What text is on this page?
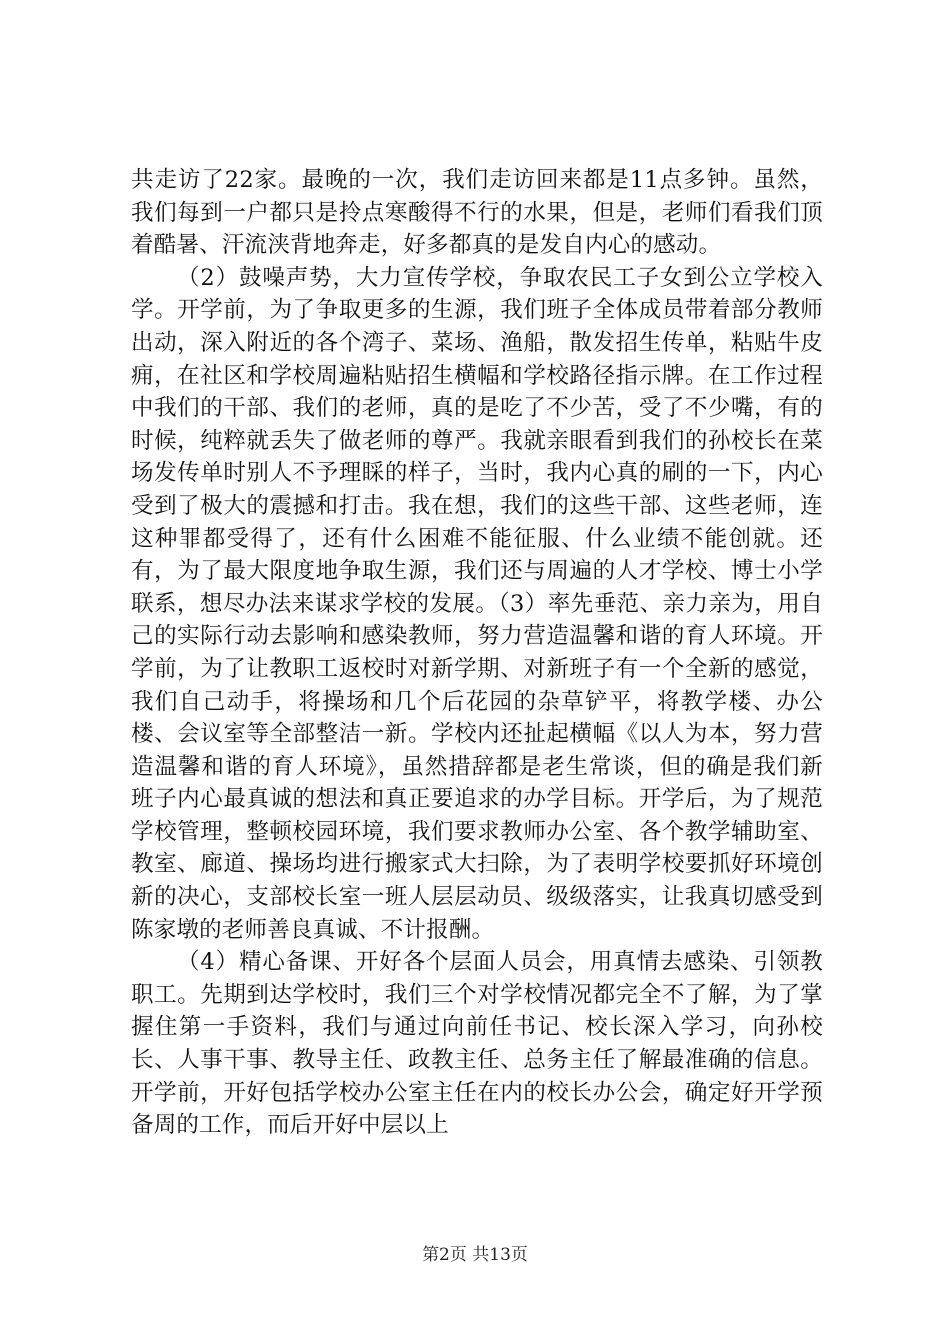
共走访了22家。最晚的一次，我们走访回来都是11点多钟。虽然，我们每到一户都只是拎点寒酸得不行的水果，但是，老师们看我们顶着酷暑、汗流浃背地奔走，好多都真的是发自内心的感动。

（2）鼓噪声势，大力宣传学校，争取农民工子女到公立学校入学。开学前，为了争取更多的生源，我们班子全体成员带着部分教师出动，深入附近的各个湾子、菜场、渔船，散发招生传单，粘贴牛皮痈，在社区和学校周遍粘贴招生横幅和学校路径指示牌。在工作过程中我们的干部、我们的老师，真的是吃了不少苦，受了不少嘴，有的时候，纯粹就丢失了做老师的尊严。我就亲眼看到我们的孙校长在菜场发传单时别人不予理睬的样子，当时，我内心真的刷的一下，内心受到了极大的震撼和打击。我在想，我们的这些干部、这些老师，连这种罪都受得了，还有什么困难不能征服、什么业绩不能创就。还有，为了最大限度地争取生源，我们还与周遍的人才学校、博士小学联系，想尽办法来谋求学校的发展。（3）率先垂范、亲力亲为，用自己的实际行动去影响和感染教师，努力营造温馨和谐的育人环境。开学前，为了让教职工返校时对新学期、对新班子有一个全新的感觉，我们自己动手，将操场和几个后花园的杂草铲平，将教学楼、办公楼、会议室等全部整洁一新。学校内还扯起横幅《以人为本，努力营造温馨和谐的育人环境》，虽然措辞都是老生常谈，但的确是我们新班子内心最真诚的想法和真正要追求的办学目标。开学后，为了规范学校管理，整顿校园环境，我们要求教师办公室、各个教学辅助室、教室、廊道、操场均进行搬家式大扫除，为了表明学校要抓好环境创新的决心，支部校长室一班人层层动员、级级落实，让我真切感受到陈家墩的老师善良真诚、不计报酬。

（4）精心备课、开好各个层面人员会，用真情去感染、引领教职工。先期到达学校时，我们三个对学校情况都完全不了解，为了掌握住第一手资料，我们与通过向前任书记、校长深入学习，向孙校长、人事干事、教导主任、政教主任、总务主任了解最准确的信息。开学前，开好包括学校办公室主任在内的校长办公会，确定好开学预备周的工作，而后开好中层以上

第2页 共13页
